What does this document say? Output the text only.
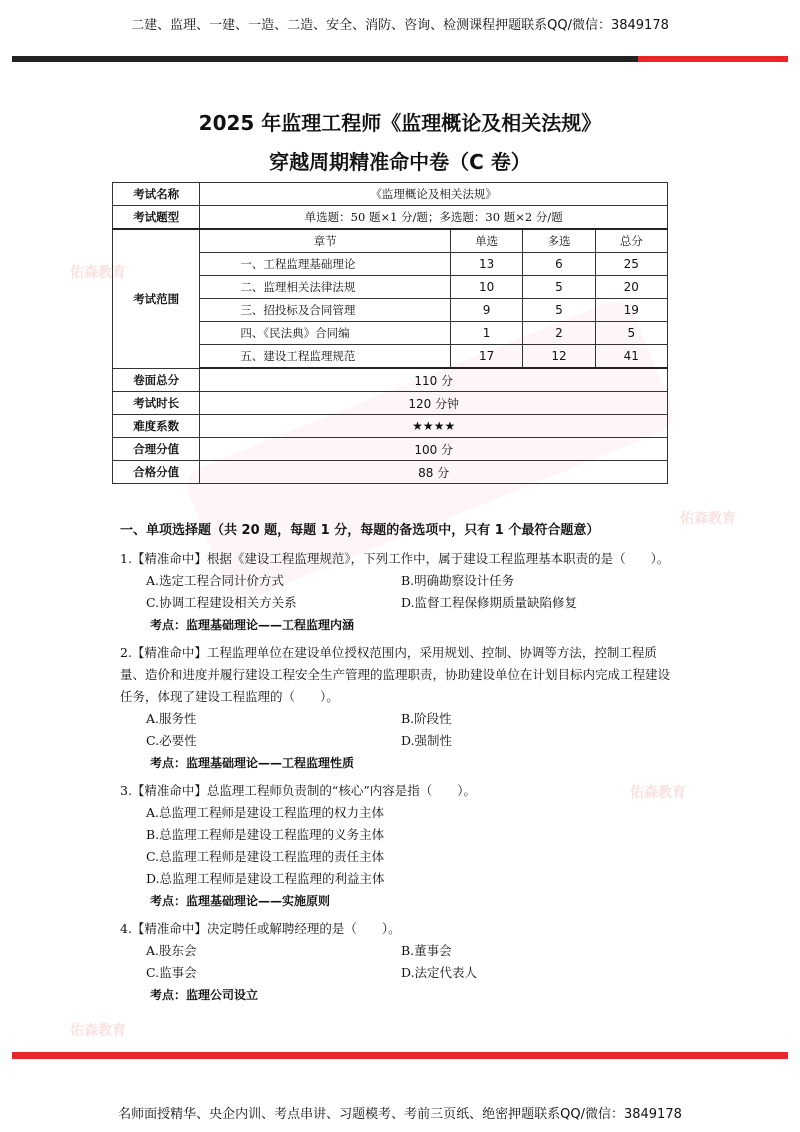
二建、监理、一建、一造、二造、安全、消防、咨询、检测课程押题联系QQ/微信：3849178
佑森教育
佑森教育
佑森教育
佑森教育
2025 年监理工程师《监理概论及相关法规》
穿越周期精准命中卷（C 卷）
考试名称	《监理概论及相关法规》			
考试题型	单选题：50 题×1 分/题；多选题：30 题×2 分/题			
考试范围	章节	单选	多选	总分
	一、工程监理基础理论	13	6	25
	二、监理相关法律法规	10	5	20
	三、招投标及合同管理	9	5	19
	四、《民法典》合同编	1	2	5
	五、建设工程监理规范	17	12	41
卷面总分	110 分			
考试时长	120 分钟			
难度系数	★★★★			
合理分值	100 分			
合格分值	88 分			
一、单项选择题（共 20 题，每题 1 分，每题的备选项中，只有 1 个最符合题意）
1.【精准命中】根据《建设工程监理规范》，下列工作中，属于建设工程监理基本职责的是（　　）。
A.选定工程合同计价方式	B.明确勘察设计任务
C.协调工程建设相关方关系	D.监督工程保修期质量缺陷修复
考点：监理基础理论——工程监理内涵
2.【精准命中】工程监理单位在建设单位授权范围内，采用规划、控制、协调等方法，控制工程质量、造价和进度并履行建设工程安全生产管理的监理职责，协助建设单位在计划目标内完成工程建设任务，体现了建设工程监理的（　　）。
A.服务性	B.阶段性
C.必要性	D.强制性
考点：监理基础理论——工程监理性质
3.【精准命中】总监理工程师负责制的“核心”内容是指（　　）。
A.总监理工程师是建设工程监理的权力主体
B.总监理工程师是建设工程监理的义务主体
C.总监理工程师是建设工程监理的责任主体
D.总监理工程师是建设工程监理的利益主体
考点：监理基础理论——实施原则
4.【精准命中】决定聘任或解聘经理的是（　　）。
A.股东会	B.董事会
C.监事会	D.法定代表人
考点：监理公司设立
名师面授精华、央企内训、考点串讲、习题模考、考前三页纸、绝密押题联系QQ/微信：3849178
